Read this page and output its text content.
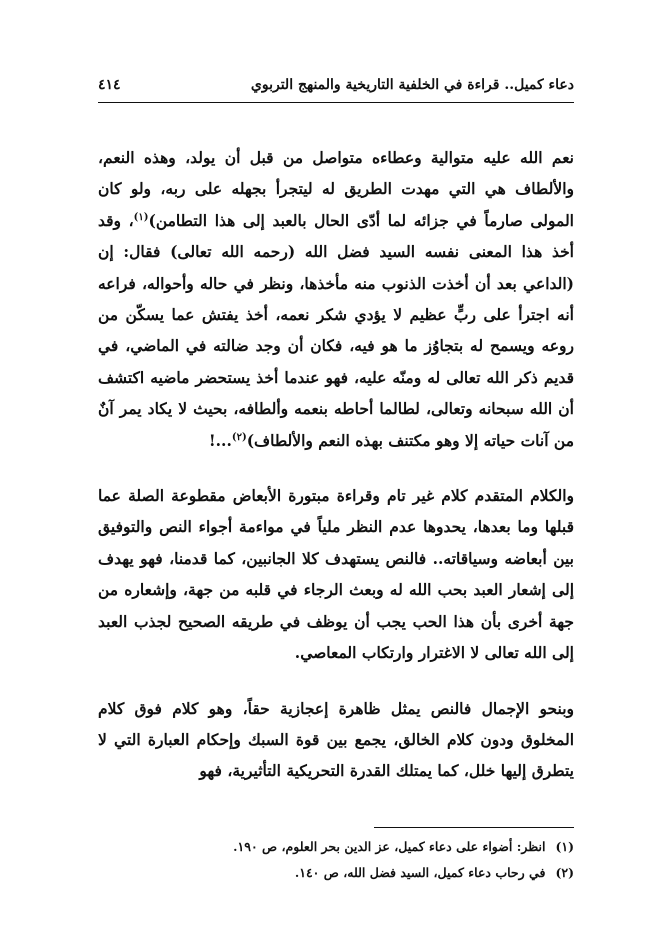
دعاء كميل.. قراءة في الخلفية التاريخية والمنهج التربوي
٤١٤

نعم الله عليه متوالية وعطاءه متواصل من قبل أن يولد، وهذه النعم، والألطاف هي التي مهدت الطريق له ليتجرأ بجهله على ربه، ولو كان المولى صارماً في جزائه لما أدّى الحال بالعبد إلى هذا التطامن)$^{(١)}$، وقد أخذ هذا المعنى نفسه السيد فضل الله (رحمه الله تعالى) فقال: إن (الداعي بعد أن أخذت الذنوب منه مأخذها، ونظر في حاله وأحواله، فراعه أنه اجترأ على ربٍّ عظيم لا يؤدي شكر نعمه، أخذ يفتش عما يسكّن من روعه ويسمح له بتجاوُز ما هو فيه، فكان أن وجد ضالته في الماضي، في قديم ذكر الله تعالى له ومنّه عليه، فهو عندما أخذ يستحضر ماضيه اكتشف أن الله سبحانه وتعالى، لطالما أحاطه بنعمه وألطافه، بحيث لا يكاد يمر آنٌ من آنات حياته إلا وهو مكتنف بهذه النعم والألطاف)$^{(٢)}$...!

والكلام المتقدم كلام غير تام وقراءة مبتورة الأبعاض مقطوعة الصلة عما قبلها وما بعدها، يحدوها عدم النظر ملياً في مواءمة أجواء النص والتوفيق بين أبعاضه وسياقاته.. فالنص يستهدف كلا الجانبين، كما قدمنا، فهو يهدف إلى إشعار العبد بحب الله له وبعث الرجاء في قلبه من جهة، وإشعاره من جهة أخرى بأن هذا الحب يجب أن يوظف في طريقه الصحيح لجذب العبد إلى الله تعالى لا الاغترار وارتكاب المعاصي.

وبنحو الإجمال فالنص يمثل ظاهرة إعجازية حقاً، وهو كلام فوق كلام المخلوق ودون كلام الخالق، يجمع بين قوة السبك وإحكام العبارة التي لا يتطرق إليها خلل، كما يمتلك القدرة التحريكية التأثيرية، فهو

(١)انظر: أضواء على دعاء كميل، عز الدين بحر العلوم، ص ١٩٠.
(٢)في رحاب دعاء كميل، السيد فضل الله، ص ١٤٠.
